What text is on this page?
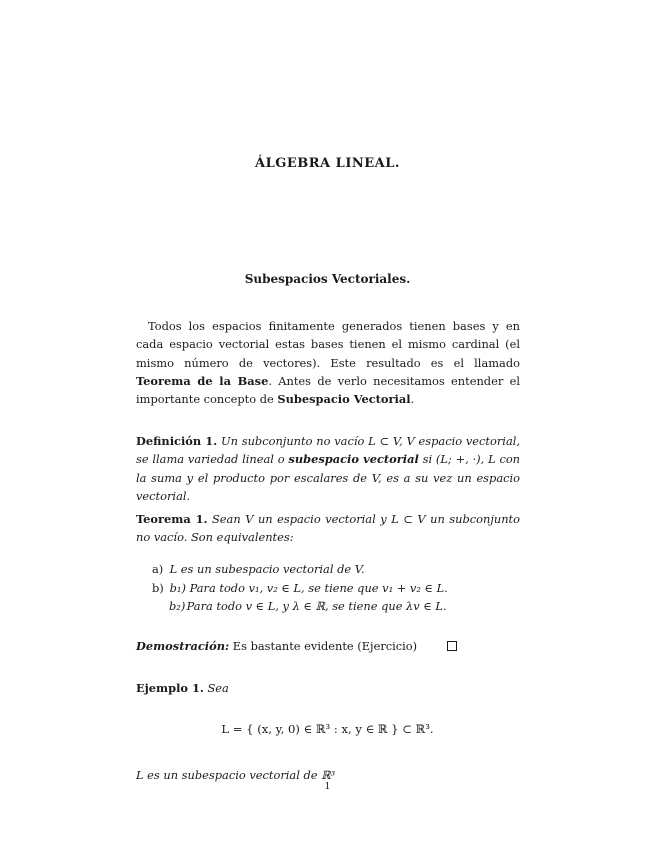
ÁLGEBRA LINEAL.
Subespacios Vectoriales.
Todos los espacios finitamente generados tienen bases y en cada espacio vectorial estas bases tienen el mismo cardinal (el mismo número de vectores). Este resultado es el llamado Teorema de la Base. Antes de verlo necesitamos entender el importante concepto de Subespacio Vectorial.
Definición 1. Un subconjunto no vacío L ⊂ V, V espacio vectorial, se llama variedad lineal o subespacio vectorial si (L; +, ·), L con la suma y el producto por escalares de V, es a su vez un espacio vectorial.
Teorema 1. Sean V un espacio vectorial y L ⊂ V un subconjunto no vacío. Son equivalentes:
a) L es un subespacio vectorial de V.
b) b₁) Para todo v₁, v₂ ∈ L, se tiene que v₁ + v₂ ∈ L.
b₂) Para todo v ∈ L, y λ ∈ ℝ, se tiene que λv ∈ L.
Demostración: Es bastante evidente (Ejercicio)
Ejemplo 1. Sea
L = { (x, y, 0) ∈ ℝ³ : x, y ∈ ℝ } ⊂ ℝ³.
L es un subespacio vectorial de ℝ³
1
